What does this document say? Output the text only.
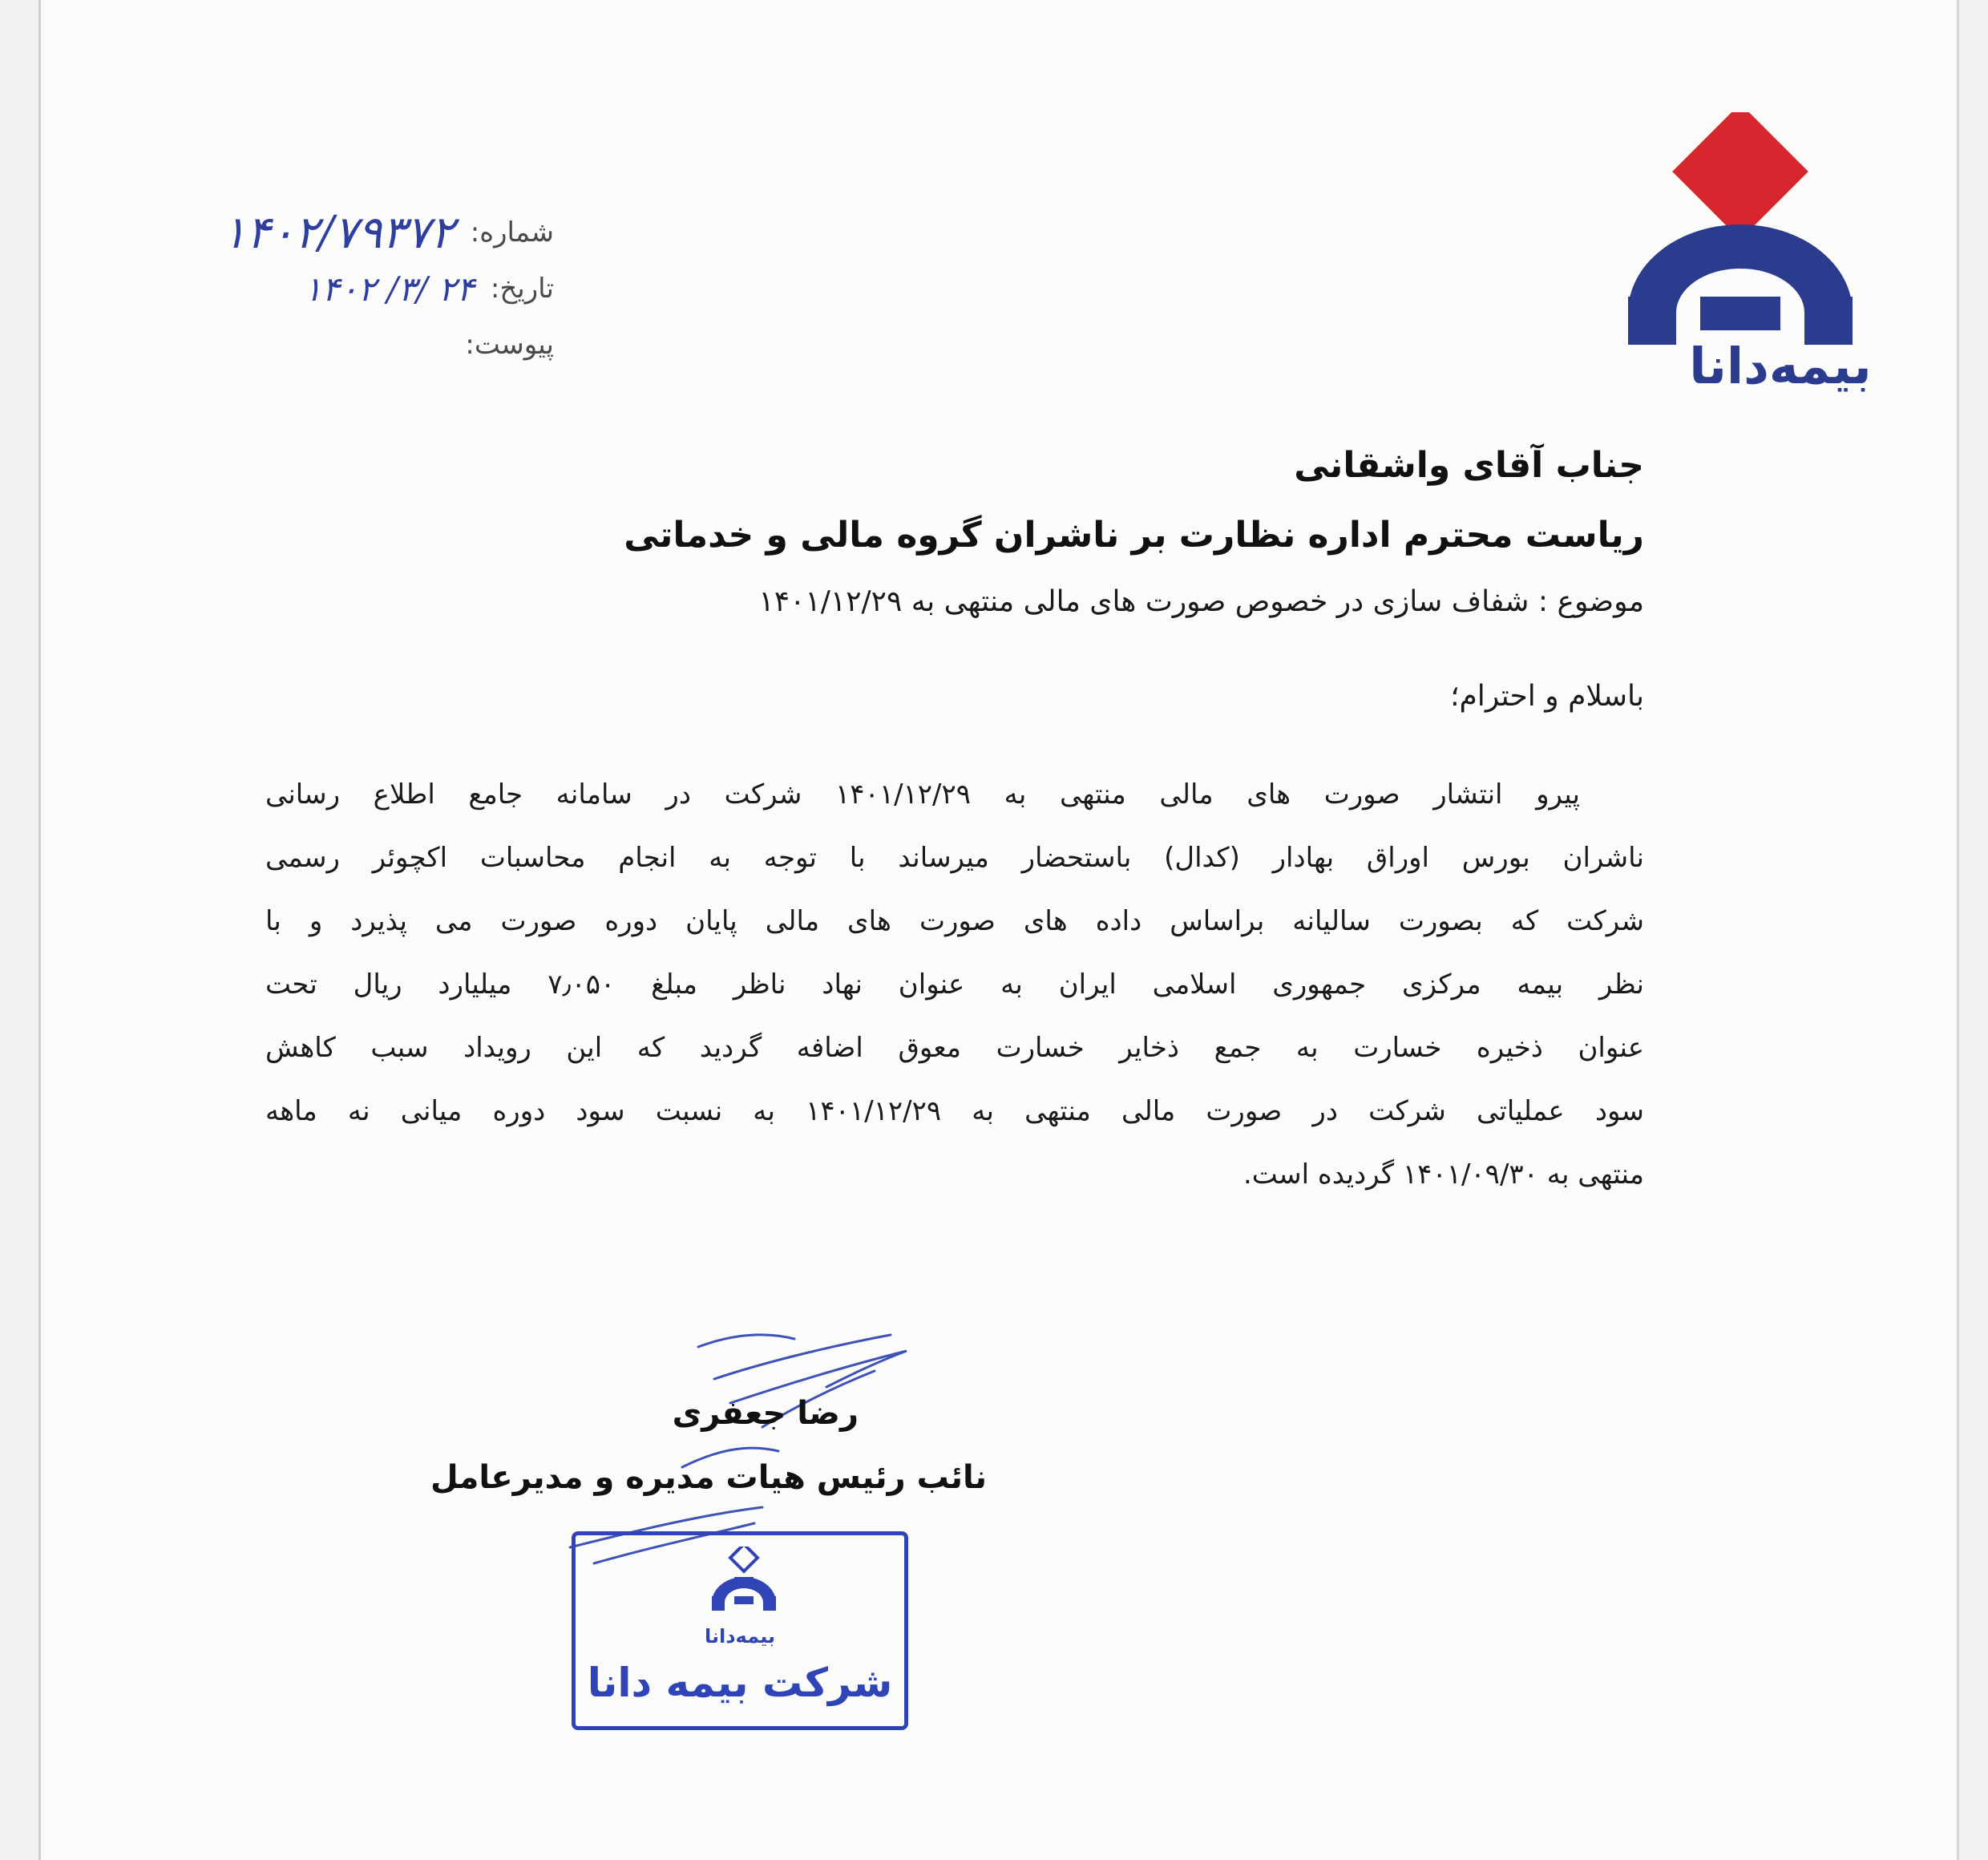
بیمه‌دانا
شماره:
۱۴۰۲/۷۹۳۷۲
تاریخ:
۱۴۰۲ /۳/ ۲۴
پیوست:
جناب آقای واشقانی
ریاست محترم اداره نظارت بر ناشران گروه مالی و خدماتی
موضوع : شفاف سازی در خصوص صورت های مالی منتهی به ۱۴۰۱/۱۲/۲۹
باسلام و احترام؛
پیرو انتشار صورت های مالی منتهی به ۱۴۰۱/۱۲/۲۹ شرکت در سامانه جامع اطلاع رسانی
ناشران بورس اوراق بهادار (کدال) باستحضار میرساند با توجه به انجام محاسبات اکچوئر رسمی
شرکت که بصورت سالیانه براساس داده های صورت های مالی پایان دوره صورت می پذیرد و با
نظر بیمه مرکزی جمهوری اسلامی ایران به عنوان نهاد ناظر مبلغ ۷٫۰۵۰ میلیارد ریال تحت
عنوان ذخیره خسارت به جمع ذخایر خسارت معوق اضافه گردید که این رویداد سبب کاهش
سود عملیاتی شرکت در صورت مالی منتهی به ۱۴۰۱/۱۲/۲۹ به نسبت سود دوره میانی نه ماهه
منتهی به ۱۴۰۱/۰۹/۳۰ گردیده است.
رضا جعفری
نائب رئیس هیات مدیره و مدیرعامل
بیمه‌دانا
شرکت بیمه دانا
